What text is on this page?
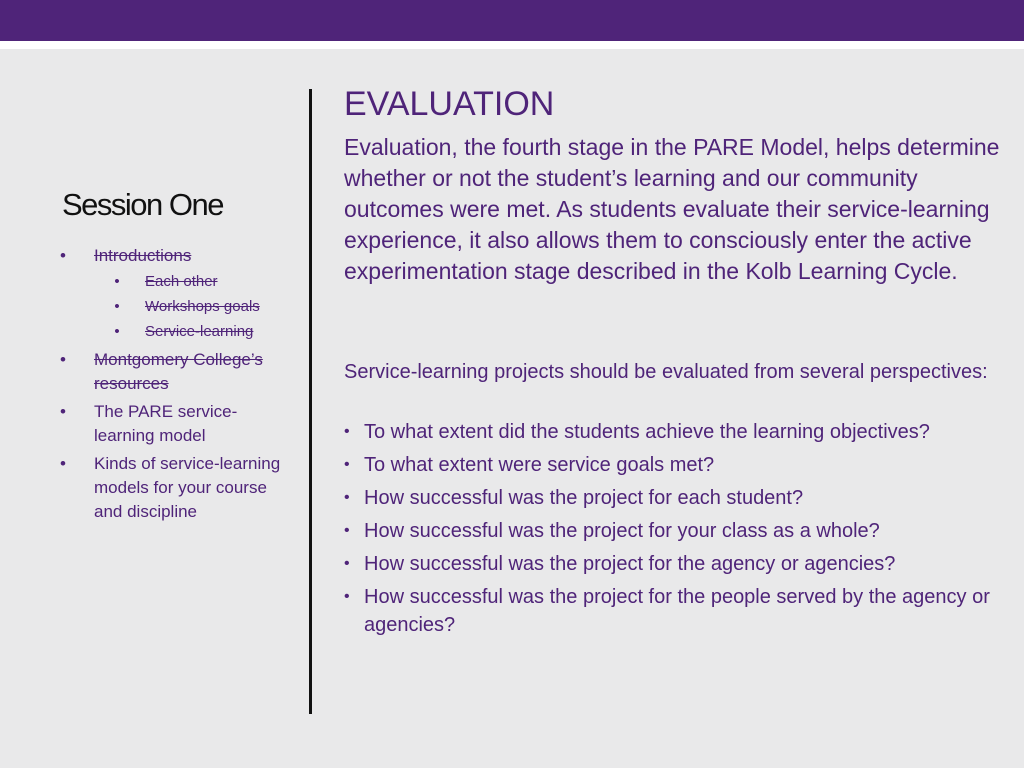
Session One
• Introductions
• Each other
• Workshops goals
• Service-learning
• Montgomery College’s resources
• The PARE service-learning model
• Kinds of service-learning models for your course and discipline
EVALUATION

Evaluation, the fourth stage in the PARE Model, helps determine whether or not the student’s learning and our community outcomes were met. As students evaluate their service-learning experience, it also allows them to consciously enter the active experimentation stage described in the Kolb Learning Cycle.

Service-learning projects should be evaluated from several perspectives:

• To what extent did the students achieve the learning objectives?
• To what extent were service goals met?
• How successful was the project for each student?
• How successful was the project for your class as a whole?
• How successful was the project for the agency or agencies?
• How successful was the project for the people served by the agency or agencies?
